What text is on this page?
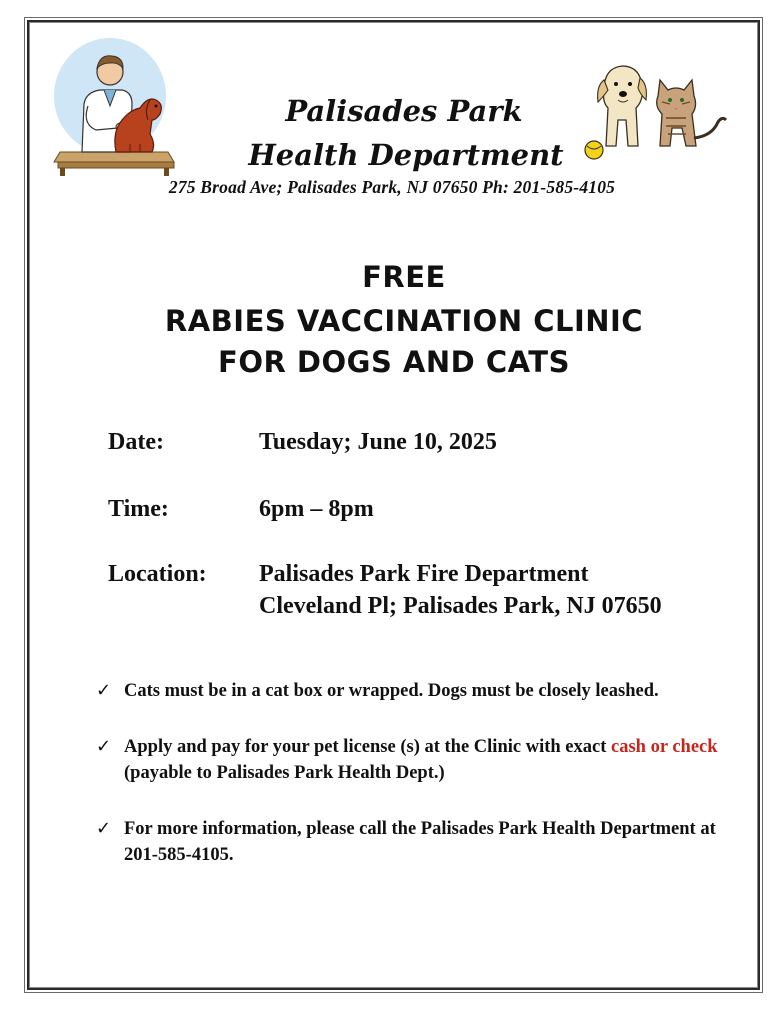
Palisades Park
Health Department

275 Broad Ave; Palisades Park, NJ 07650 Ph: 201-585-4105

FREE
RABIES VACCINATION CLINIC
FOR DOGS AND CATS

Date:	Tuesday; June 10, 2025

Time:	6pm – 8pm

Location: Palisades Park Fire Department

Cleveland Pl; Palisades Park, NJ 07650

✓ Cats must be in a cat box or wrapped. Dogs must be closely leashed.
✓ Apply and pay for your pet license (s) at the Clinic with exact cash or check (payable to Palisades Park Health Dept.)
✓ For more information, please call the Palisades Park Health Department at 201-585-4105.
